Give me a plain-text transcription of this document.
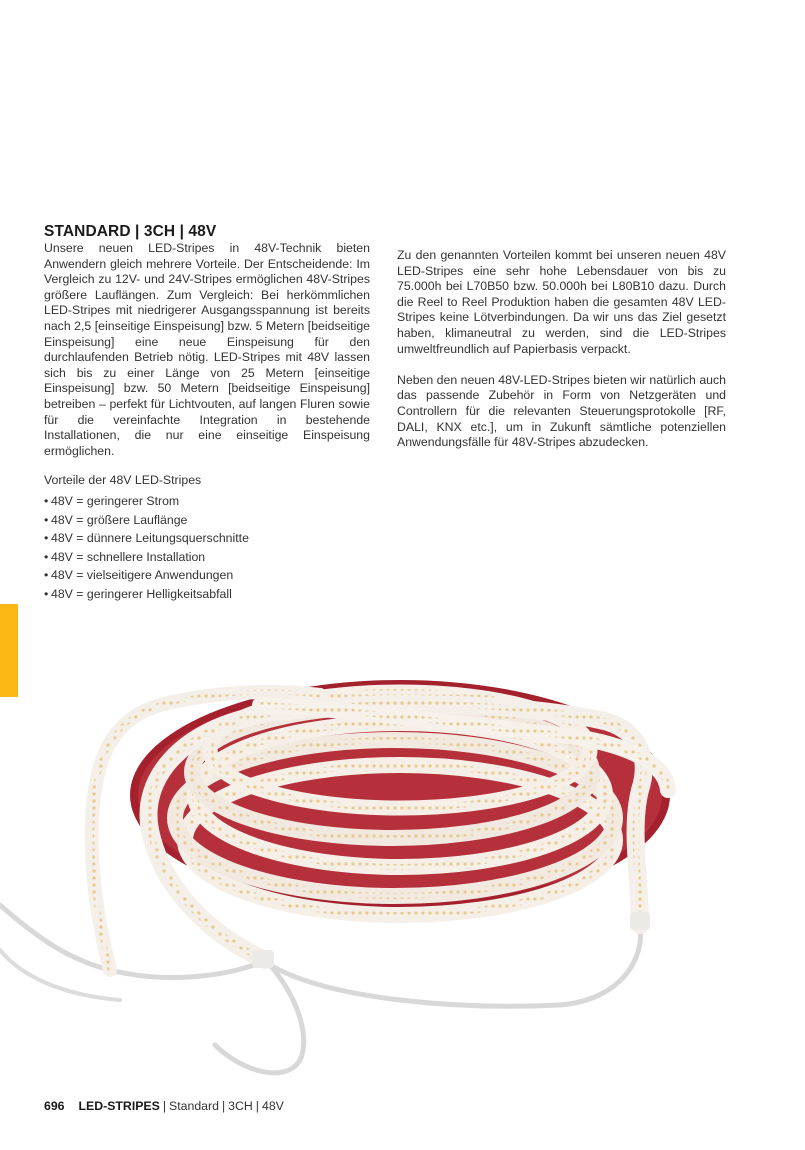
STANDARD | 3CH | 48V

Unsere neuen LED-Stripes in 48V-Technik bieten Anwendern gleich mehrere Vorteile. Der Entscheidende: Im Vergleich zu 12V- und 24V-Stripes ermöglichen 48V-Stripes größere Lauflängen. Zum Vergleich: Bei herkömmlichen LED-Stripes mit niedrigerer Ausgangsspannung ist bereits nach 2,5 [einseitige Einspeisung] bzw. 5 Metern [beidseitige Einspeisung] eine neue Einspeisung für den durchlaufenden Betrieb nötig. LED-Stripes mit 48V lassen sich bis zu einer Länge von 25 Metern [einseitige Einspeisung] bzw. 50 Metern [beidseitige Einspeisung] betreiben – perfekt für Lichtvouten, auf langen Fluren sowie für die vereinfachte Integration in bestehende Installationen, die nur eine einseitige Einspeisung ermöglichen.

Zu den genannten Vorteilen kommt bei unseren neuen 48V LED-Stripes eine sehr hohe Lebensdauer von bis zu 75.000h bei L70B50 bzw. 50.000h bei L80B10 dazu. Durch die Reel to Reel Produktion haben die gesamten 48V LED-Stripes keine Lötverbindungen. Da wir uns das Ziel gesetzt haben, klimaneutral zu werden, sind die LED-Stripes umweltfreundlich auf Papierbasis verpackt.

Neben den neuen 48V-LED-Stripes bieten wir natürlich auch das passende Zubehör in Form von Netzgeräten und Controllern für die relevanten Steuerungsprotokolle [RF, DALI, KNX etc.], um in Zukunft sämtliche potenziellen Anwendungsfälle für 48V-Stripes abzudecken.

Vorteile der 48V LED-Stripes
• 48V = geringerer Strom
• 48V = größere Lauflänge
• 48V = dünnere Leitungsquerschnitte
• 48V = schnellere Installation
• 48V = vielseitigere Anwendungen
• 48V = geringerer Helligkeitsabfall
696 LED-STRIPES | Standard | 3CH | 48V
